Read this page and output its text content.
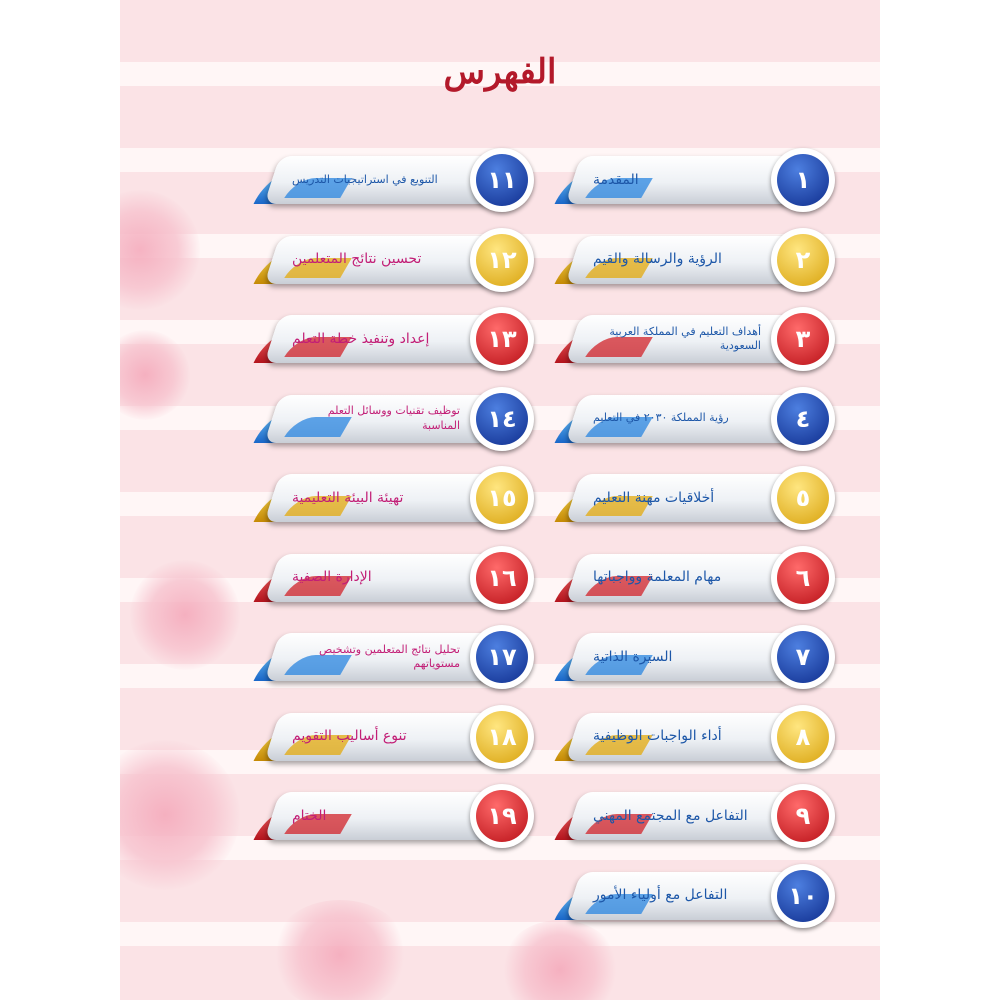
الفهرس
المقدمة	١
الرؤية والرسالة والقيم	٢
أهداف التعليم في المملكة العربية السعودية	٣
رؤية المملكة ٢٠٣٠ في التعليم	٤
أخلاقيات مهنة التعليم	٥
مهام المعلمة وواجباتها	٦
السيرة الذاتية	٧
أداء الواجبات الوظيفية	٨
التفاعل مع المجتمع المهني	٩
التفاعل مع أولياء الأمور	١٠
التنويع في استراتيجيات التدريس	١١
تحسين نتائج المتعلمين	١٢
إعداد وتنفيذ خطة التعلم	١٣
توظيف تقنيات ووسائل التعلم المناسبة	١٤
تهيئة البيئة التعليمية	١٥
الإدارة الصفية	١٦
تحليل نتائج المتعلمين وتشخيص مستوياتهم	١٧
تنوع أساليب التقويم	١٨
الختام	١٩
